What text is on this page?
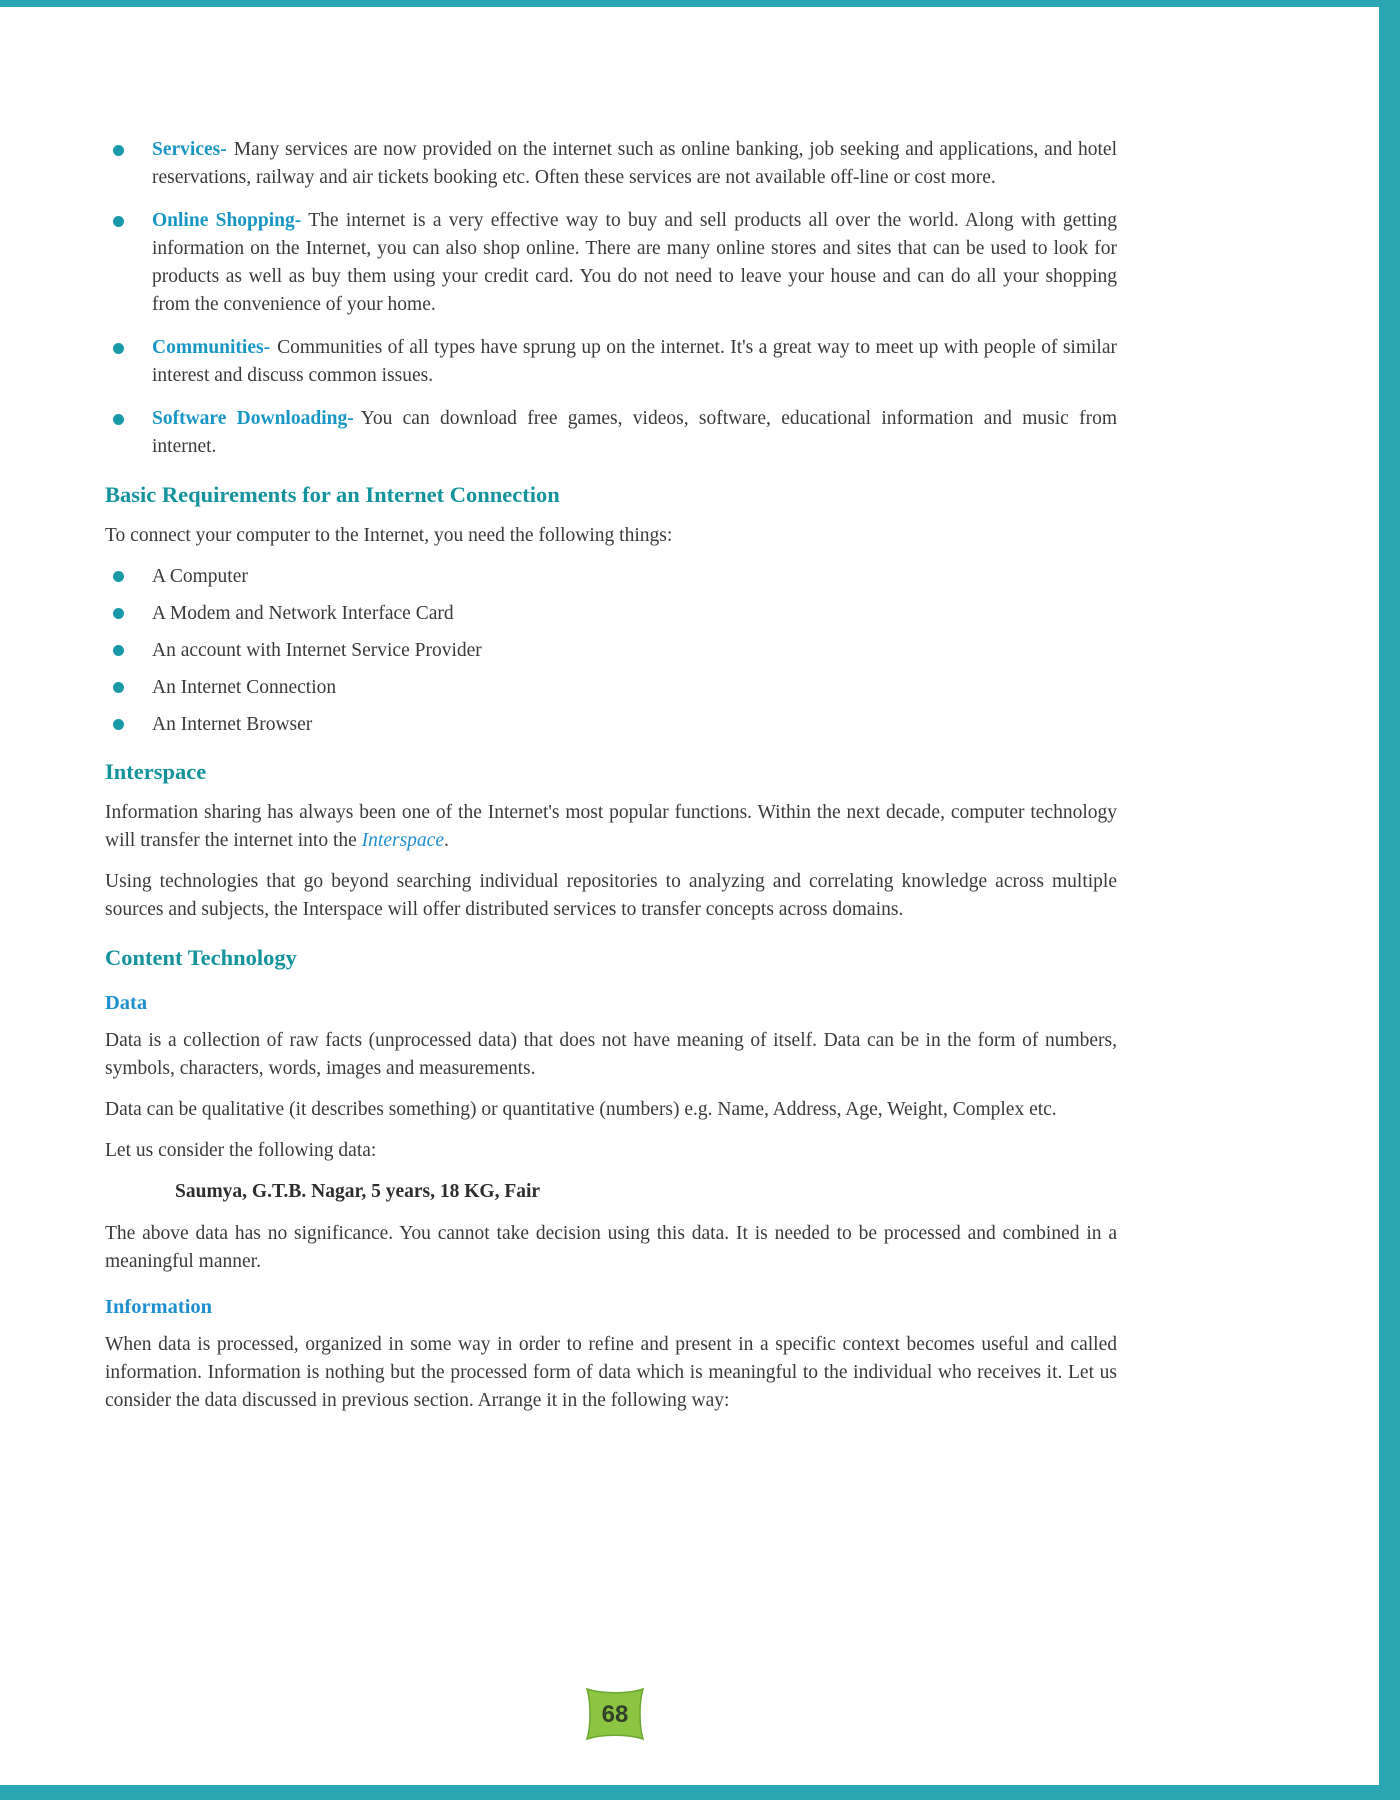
Services- Many services are now provided on the internet such as online banking, job seeking and applications, and hotel reservations, railway and air tickets booking etc. Often these services are not available off-line or cost more.
Online Shopping- The internet is a very effective way to buy and sell products all over the world. Along with getting information on the Internet, you can also shop online. There are many online stores and sites that can be used to look for products as well as buy them using your credit card. You do not need to leave your house and can do all your shopping from the convenience of your home.
Communities- Communities of all types have sprung up on the internet. It's a great way to meet up with people of similar interest and discuss common issues.
Software Downloading- You can download free games, videos, software, educational information and music from internet.
Basic Requirements for an Internet Connection
To connect your computer to the Internet, you need the following things:
A Computer
A Modem and Network Interface Card
An account with Internet Service Provider
An Internet Connection
An Internet Browser
Interspace
Information sharing has always been one of the Internet's most popular functions. Within the next decade, computer technology will transfer the internet into the Interspace.
Using technologies that go beyond searching individual repositories to analyzing and correlating knowledge across multiple sources and subjects, the Interspace will offer distributed services to transfer concepts across domains.
Content Technology
Data
Data is a collection of raw facts (unprocessed data) that does not have meaning of itself. Data can be in the form of numbers, symbols, characters, words, images and measurements.
Data can be qualitative (it describes something) or quantitative (numbers) e.g. Name, Address, Age, Weight, Complex etc.
Let us consider the following data:
Saumya, G.T.B. Nagar, 5 years, 18 KG, Fair
The above data has no significance. You cannot take decision using this data. It is needed to be processed and combined in a meaningful manner.
Information
When data is processed, organized in some way in order to refine and present in a specific context becomes useful and called information. Information is nothing but the processed form of data which is meaningful to the individual who receives it. Let us consider the data discussed in previous section. Arrange it in the following way:
68
